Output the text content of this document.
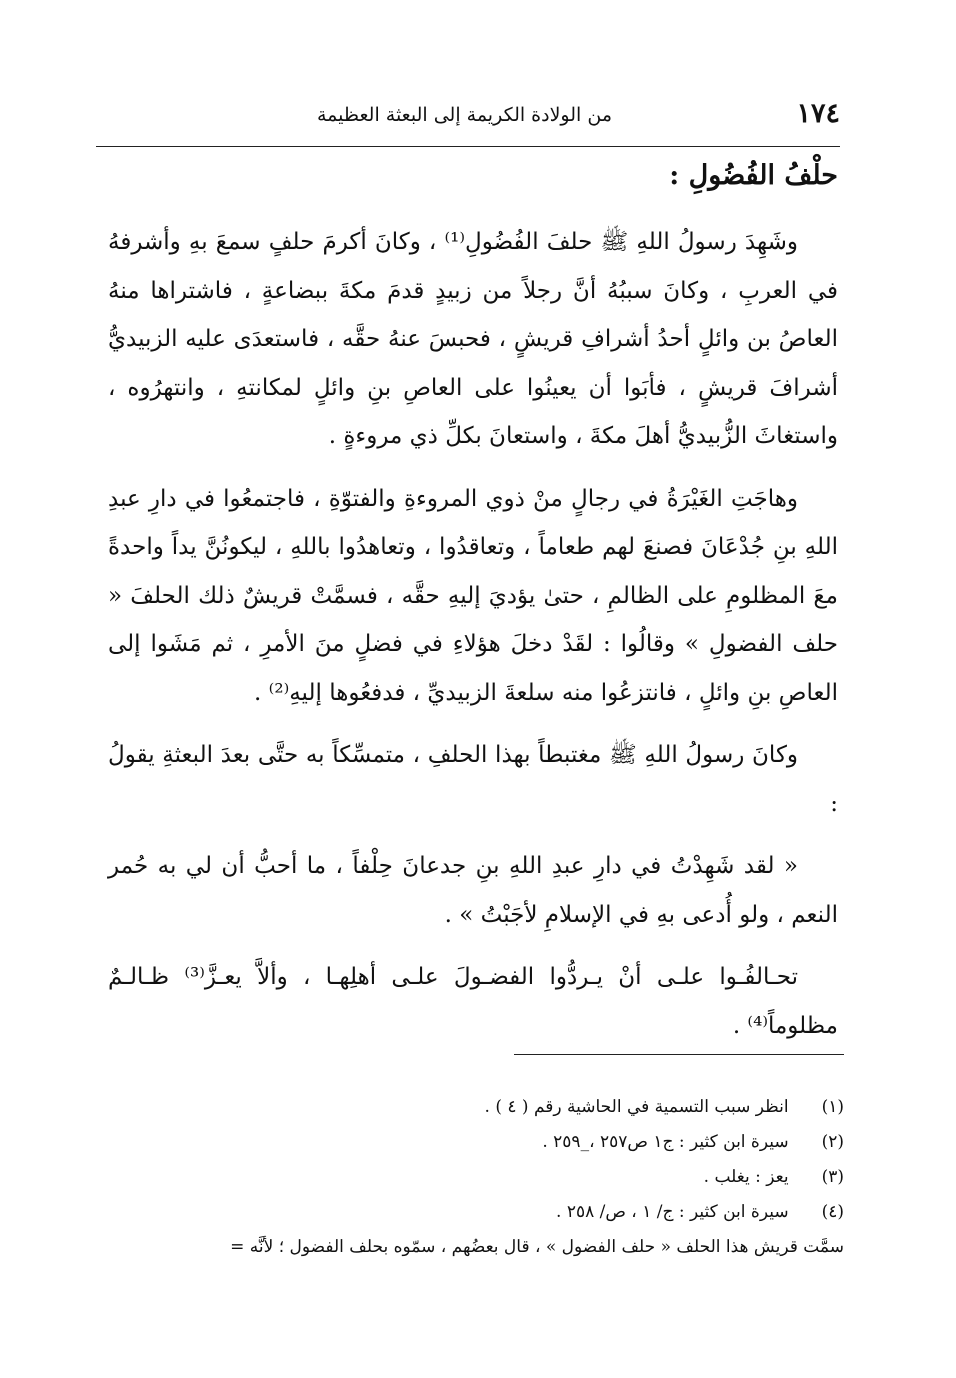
١٧٤
من الولادة الكريمة إلى البعثة العظيمة
حلْفُ الفُضُولِ :

وشَهِدَ رسولُ اللهِ ﷺ حلفَ الفُضُولِ⁽¹⁾ ، وكانَ أكرمَ حلفٍ سمعَ بهِ وأشرفهُ في العربِ ، وكانَ سببُهُ أنَّ رجلاً من زبيدٍ قدمَ مكةَ ببضاعةٍ ، فاشتراها منهُ العاصُ بن وائلٍ أحدُ أشرافِ قريشٍ ، فحبسَ عنهُ حقَّه ، فاستعدَى عليه الزبيديُّ أشرافَ قريشٍ ، فأبَوا أن يعينُوا على العاصِ بنِ وائلٍ لمكانتهِ ، وانتهرُوه ، واستغاثَ الزُّبيديُّ أهلَ مكةَ ، واستعانَ بكلِّ ذي مروءةٍ .

وهاجَتِ الغَيْرَةُ في رجالٍ منْ ذوي المروءةِ والفتوّةِ ، فاجتمعُوا في دارِ عبدِ اللهِ بنِ جُدْعَانَ فصنعَ لهم طعاماً ، وتعاقدُوا ، وتعاهدُوا باللهِ ، ليكونُنَّ يداً واحدةً معَ المظلومِ على الظالمِ ، حتىٰ يؤديَ إليهِ حقَّه ، فسمَّتْ قريشٌ ذلك الحلفَ « حلف الفضولِ » وقالُوا : لقَدْ دخلَ هؤلاءِ في فضلٍ منَ الأمرِ ، ثم مَشَوا إلى العاصِ بنِ وائلٍ ، فانتزعُوا منه سلعةَ الزبيديِّ ، فدفعُوها إليهِ⁽²⁾ .

وكانَ رسولُ اللهِ ﷺ مغتبطاً بهذا الحلفِ ، متمسِّكاً به حتَّى بعدَ البعثةِ يقولُ :

« لقد شَهِدْتُ في دارِ عبدِ اللهِ بنِ جدعانَ حِلْفاً ، ما أحبُّ أن لي به حُمر النعم ، ولو أُدعى بهِ في الإسلامِ لأجَبْتُ » .

تحـالفُـوا علـى أنْ يـردُّوا الفضـولَ علـى أهلِهـا ، وألاَّ يعـزَّ⁽³⁾ ظـالـمٌ مظلوماً⁽⁴⁾ .

(١) انظر سبب التسمية في الحاشية رقم ( ٤ ) .
(٢) سيرة ابن كثير : ج١ ص٢٥٧ ،_٢٥٩ .
(٣) يعز : يغلب .
(٤) سيرة ابن كثير : ج/ ١ ، ص/ ٢٥٨ .
سمَّت قريش هذا الحلف « حلف الفضول » ، قال بعضُهم ، سمّوه بحلف الفضول ؛ لأنَّه =
